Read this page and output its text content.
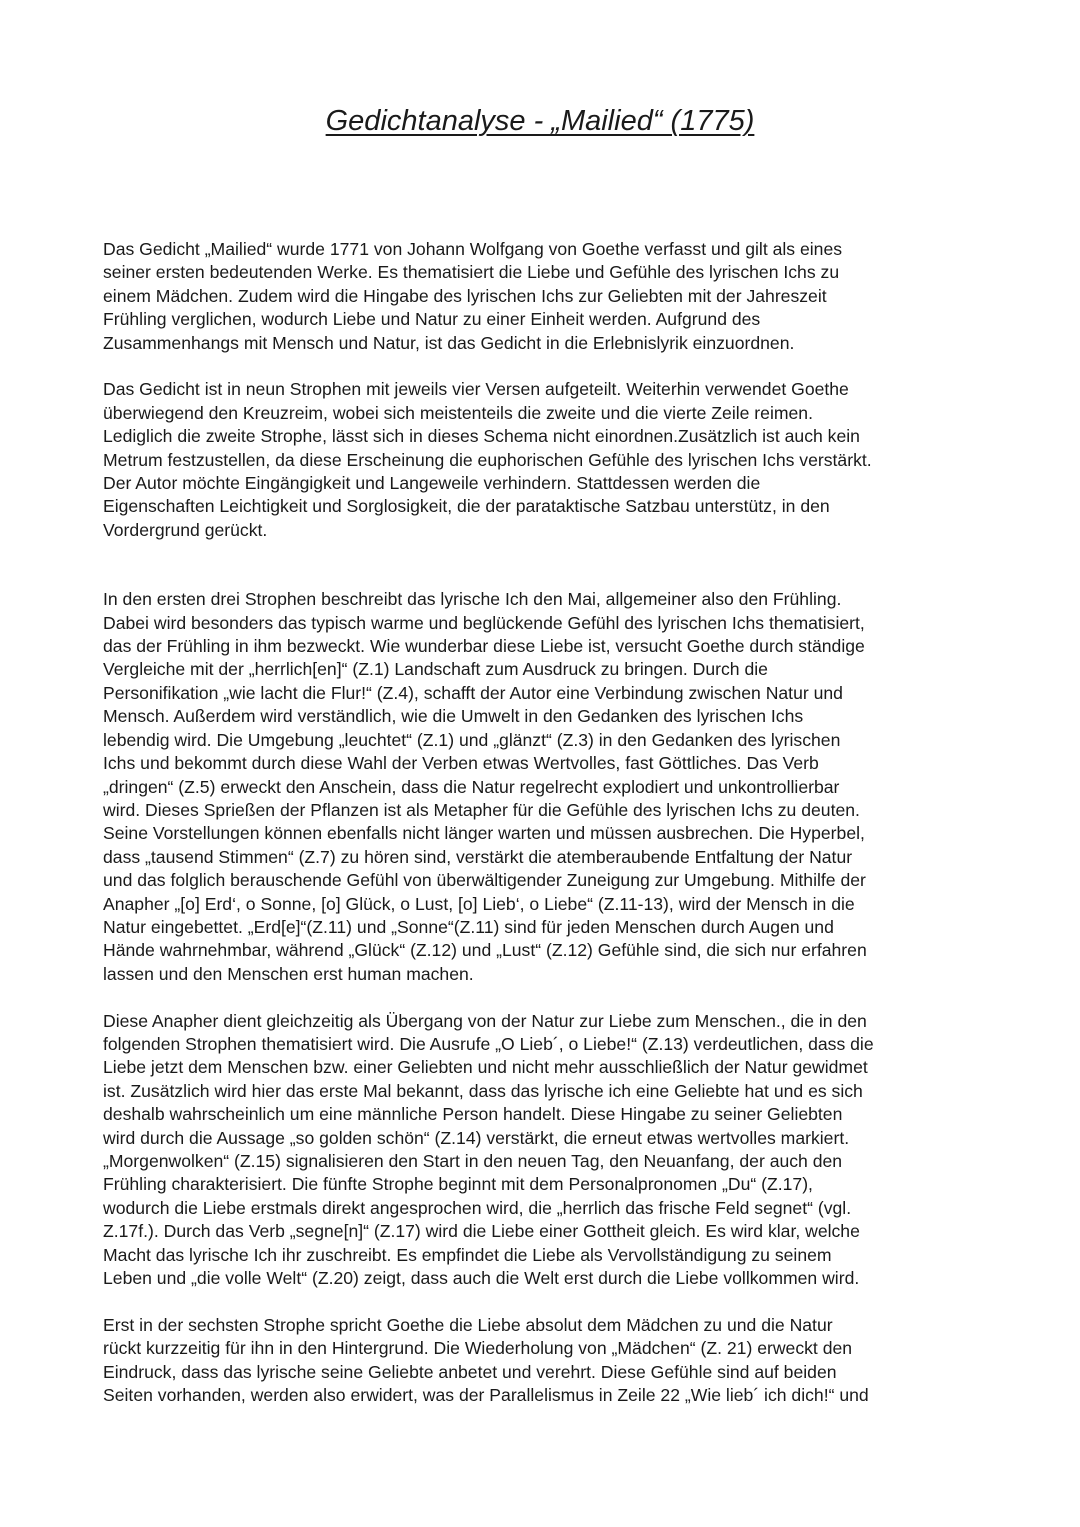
Gedichtanalyse - „Mailied“ (1775)

Das Gedicht „Mailied“ wurde 1771 von Johann Wolfgang von Goethe verfasst und gilt als eines
seiner ersten bedeutenden Werke. Es thematisiert die Liebe und Gefühle des lyrischen Ichs zu
einem Mädchen. Zudem wird die Hingabe des lyrischen Ichs zur Geliebten mit der Jahreszeit
Frühling verglichen, wodurch Liebe und Natur zu einer Einheit werden. Aufgrund des
Zusammenhangs mit Mensch und Natur, ist das Gedicht in die Erlebnislyrik einzuordnen.

Das Gedicht ist in neun Strophen mit jeweils vier Versen aufgeteilt. Weiterhin verwendet Goethe
überwiegend den Kreuzreim, wobei sich meistenteils die zweite und die vierte Zeile reimen.
Lediglich die zweite Strophe, lässt sich in dieses Schema nicht einordnen.Zusätzlich ist auch kein
Metrum festzustellen, da diese Erscheinung die euphorischen Gefühle des lyrischen Ichs verstärkt.
Der Autor möchte Eingängigkeit und Langeweile verhindern. Stattdessen werden die
Eigenschaften Leichtigkeit und Sorglosigkeit, die der parataktische Satzbau unterstütz, in den
Vordergrund gerückt.

In den ersten drei Strophen beschreibt das lyrische Ich den Mai, allgemeiner also den Frühling.
Dabei wird besonders das typisch warme und beglückende Gefühl des lyrischen Ichs thematisiert,
das der Frühling in ihm bezweckt. Wie wunderbar diese Liebe ist, versucht Goethe durch ständige
Vergleiche mit der „herrlich[en]“ (Z.1) Landschaft zum Ausdruck zu bringen. Durch die
Personifikation „wie lacht die Flur!“ (Z.4), schafft der Autor eine Verbindung zwischen Natur und
Mensch. Außerdem wird verständlich, wie die Umwelt in den Gedanken des lyrischen Ichs
lebendig wird. Die Umgebung „leuchtet“ (Z.1) und „glänzt“ (Z.3) in den Gedanken des lyrischen
Ichs und bekommt durch diese Wahl der Verben etwas Wertvolles, fast Göttliches. Das Verb
„dringen“ (Z.5) erweckt den Anschein, dass die Natur regelrecht explodiert und unkontrollierbar
wird. Dieses Sprießen der Pflanzen ist als Metapher für die Gefühle des lyrischen Ichs zu deuten.
Seine Vorstellungen können ebenfalls nicht länger warten und müssen ausbrechen. Die Hyperbel,
dass „tausend Stimmen“ (Z.7) zu hören sind, verstärkt die atemberaubende Entfaltung der Natur
und das folglich berauschende Gefühl von überwältigender Zuneigung zur Umgebung. Mithilfe der
Anapher „[o] Erd‘, o Sonne, [o] Glück, o Lust, [o] Lieb‘, o Liebe“ (Z.11-13), wird der Mensch in die
Natur eingebettet. „Erd[e]“(Z.11) und „Sonne“(Z.11) sind für jeden Menschen durch Augen und
Hände wahrnehmbar, während „Glück“ (Z.12) und „Lust“ (Z.12) Gefühle sind, die sich nur erfahren
lassen und den Menschen erst human machen.

Diese Anapher dient gleichzeitig als Übergang von der Natur zur Liebe zum Menschen., die in den
folgenden Strophen thematisiert wird. Die Ausrufe „O Lieb´, o Liebe!“ (Z.13) verdeutlichen, dass die
Liebe jetzt dem Menschen bzw. einer Geliebten und nicht mehr ausschließlich der Natur gewidmet
ist. Zusätzlich wird hier das erste Mal bekannt, dass das lyrische ich eine Geliebte hat und es sich
deshalb wahrscheinlich um eine männliche Person handelt. Diese Hingabe zu seiner Geliebten
wird durch die Aussage „so golden schön“ (Z.14) verstärkt, die erneut etwas wertvolles markiert.
„Morgenwolken“ (Z.15) signalisieren den Start in den neuen Tag, den Neuanfang, der auch den
Frühling charakterisiert. Die fünfte Strophe beginnt mit dem Personalpronomen „Du“ (Z.17),
wodurch die Liebe erstmals direkt angesprochen wird, die „herrlich das frische Feld segnet“ (vgl.
Z.17f.). Durch das Verb „segne[n]“ (Z.17) wird die Liebe einer Gottheit gleich. Es wird klar, welche
Macht das lyrische Ich ihr zuschreibt. Es empfindet die Liebe als Vervollständigung zu seinem
Leben und „die volle Welt“ (Z.20) zeigt, dass auch die Welt erst durch die Liebe vollkommen wird.

Erst in der sechsten Strophe spricht Goethe die Liebe absolut dem Mädchen zu und die Natur
rückt kurzzeitig für ihn in den Hintergrund. Die Wiederholung von „Mädchen“ (Z. 21) erweckt den
Eindruck, dass das lyrische seine Geliebte anbetet und verehrt. Diese Gefühle sind auf beiden
Seiten vorhanden, werden also erwidert, was der Parallelismus in Zeile 22 „Wie lieb´ ich dich!“ und
